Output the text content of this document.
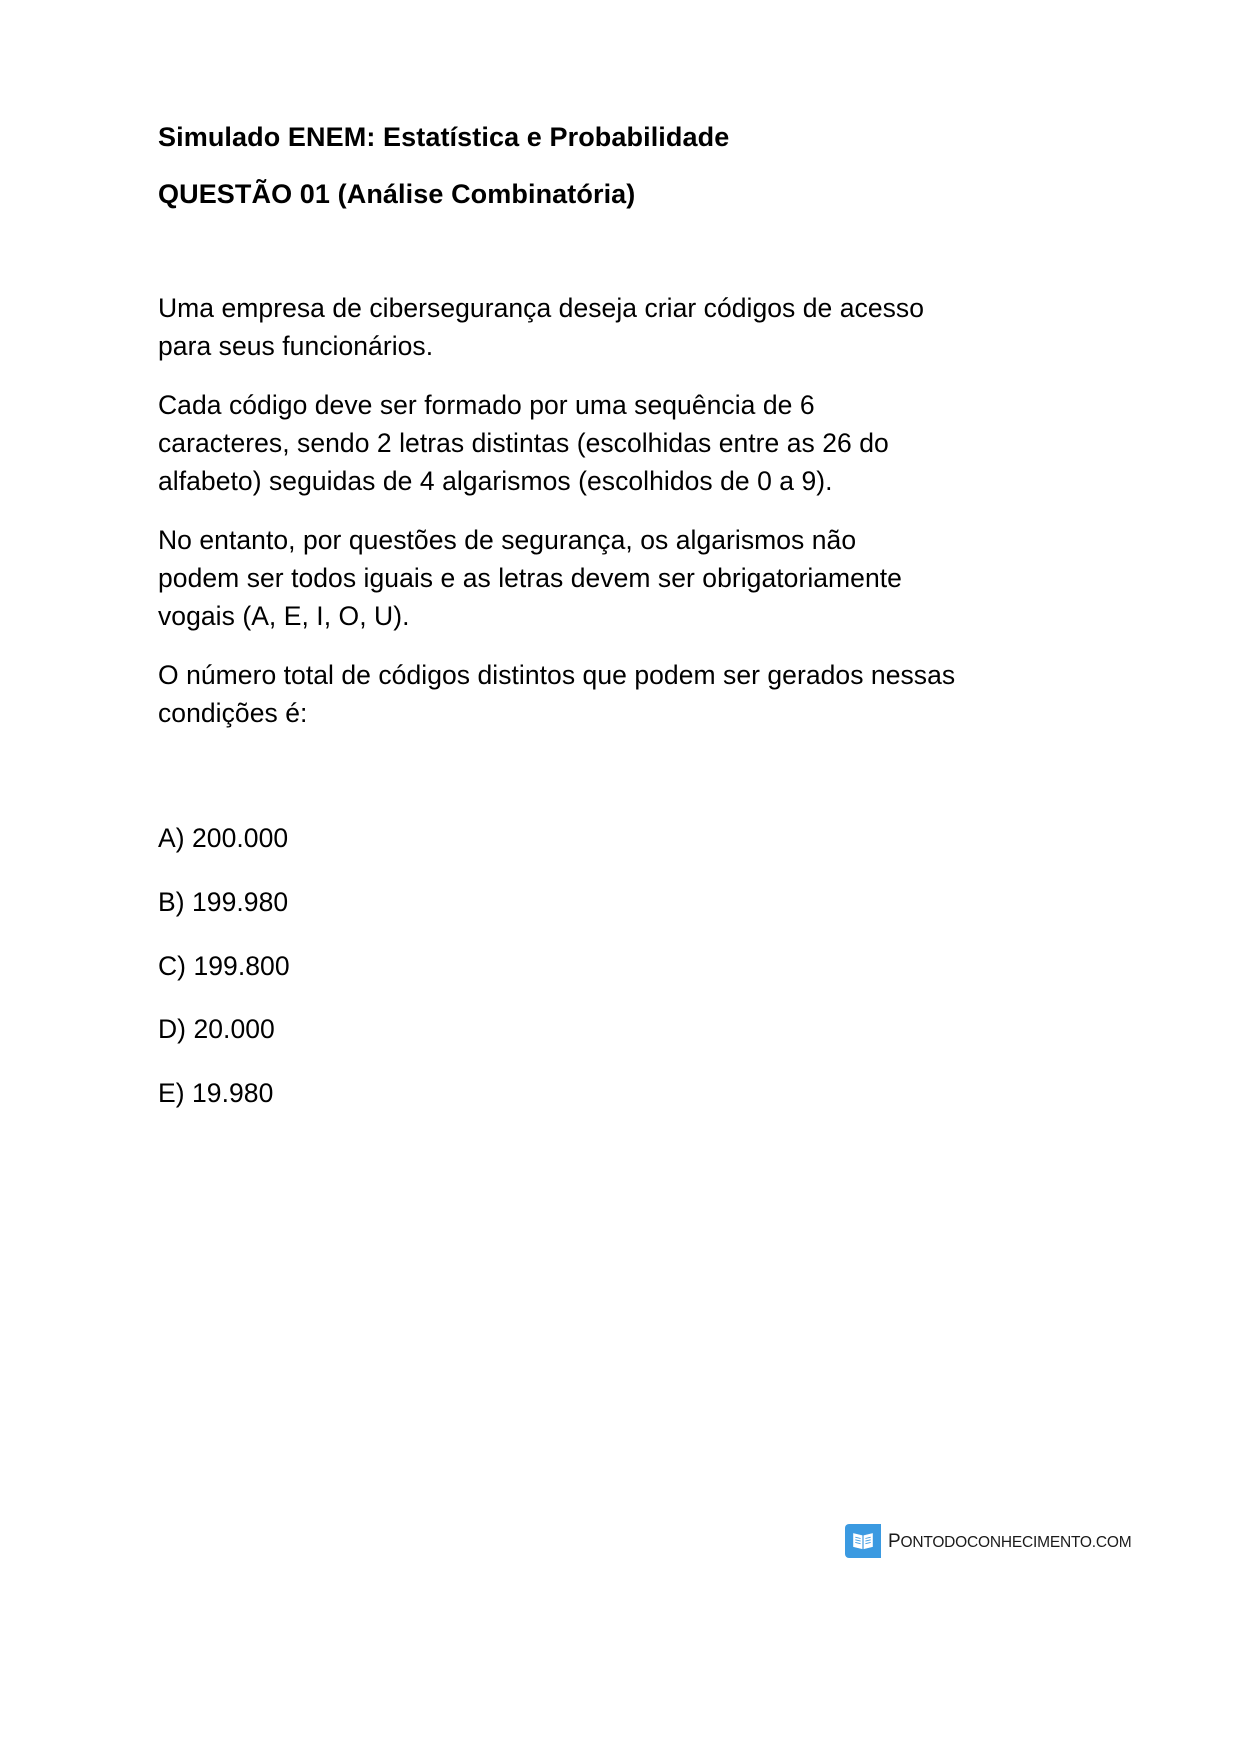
Simulado ENEM: Estatística e Probabilidade
QUESTÃO 01 (Análise Combinatória)

Uma empresa de cibersegurança deseja criar códigos de acesso para seus funcionários.

Cada código deve ser formado por uma sequência de 6 caracteres, sendo 2 letras distintas (escolhidas entre as 26 do alfabeto) seguidas de 4 algarismos (escolhidos de 0 a 9).

No entanto, por questões de segurança, os algarismos não podem ser todos iguais e as letras devem ser obrigatoriamente vogais (A, E, I, O, U).

O número total de códigos distintos que podem ser gerados nessas condições é:

A) 200.000
B) 199.980
C) 199.800
D) 20.000
E) 19.980
PONTODOCONHECIMENTO.COM
